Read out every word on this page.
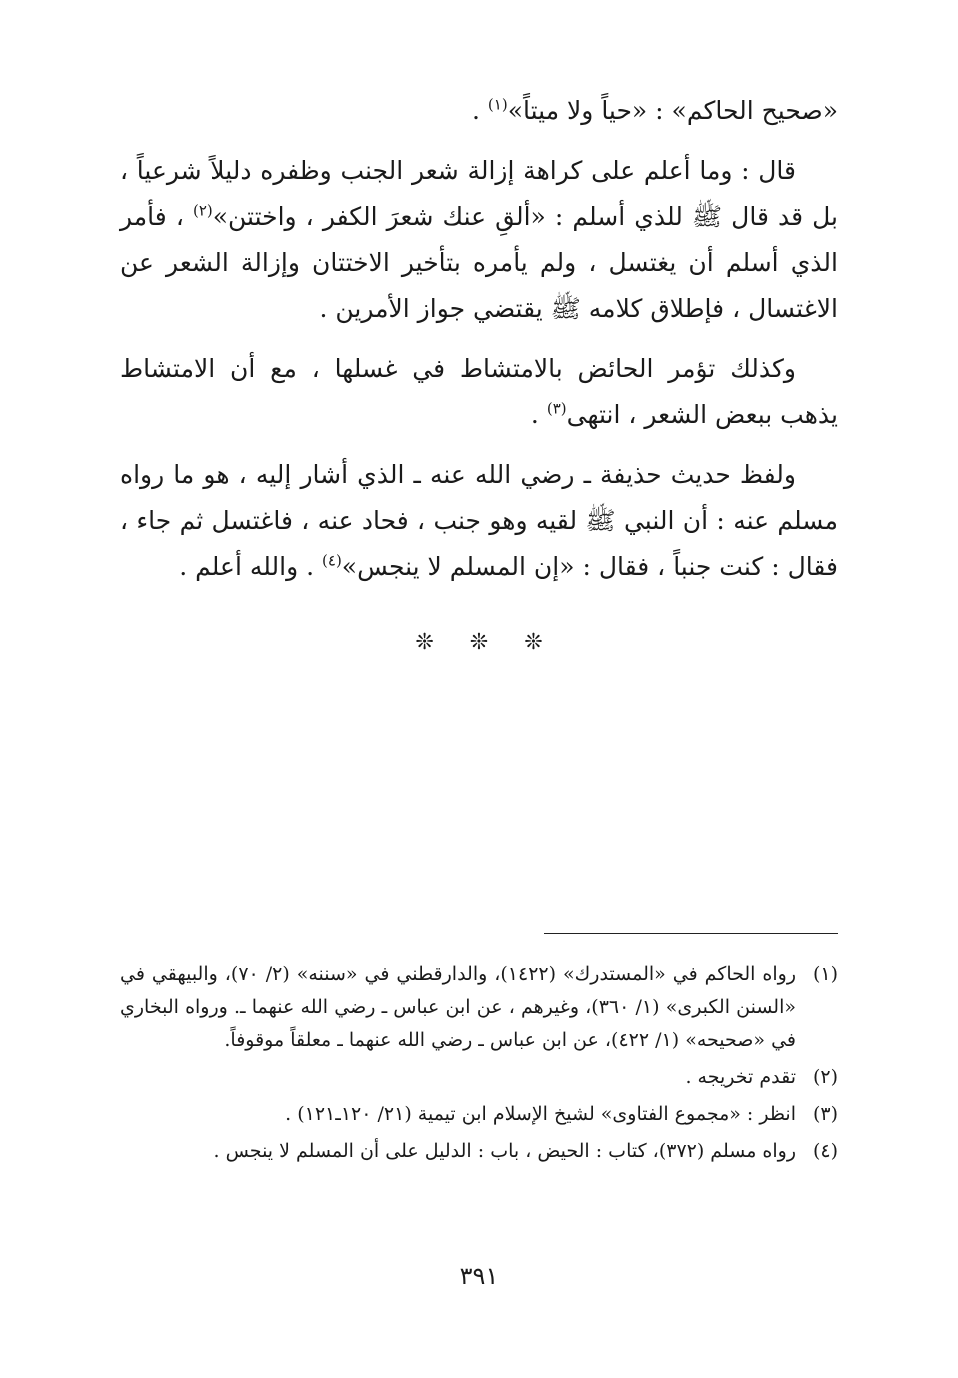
«صحيح الحاكم» : «حياً ولا ميتاً»$^{(١)}$ .

قال : وما أعلم على كراهة إزالة شعر الجنب وظفره دليلاً شرعياً ، بل قد قال ﷺ للذي أسلم : «ألقِ عنك شعرَ الكفر ، واختتن»$^{(٢)}$ ، فأمر الذي أسلم أن يغتسل ، ولم يأمره بتأخير الاختتان وإزالة الشعر عن الاغتسال ، فإطلاق كلامه ﷺ يقتضي جواز الأمرين .

وكذلك تؤمر الحائض بالامتشاط في غسلها ، مع أن الامتشاط يذهب ببعض الشعر ، انتهى$^{(٣)}$ .

ولفظ حديث حذيفة ـ رضي الله عنه ـ الذي أشار إليه ، هو ما رواه مسلم عنه : أن النبي ﷺ لقيه وهو جنب ، فحاد عنه ، فاغتسل ثم جاء ، فقال : كنت جنباً ، فقال : «إن المسلم لا ينجس»$^{(٤)}$ . والله أعلم .

❊ ❊ ❊
(١)
رواه الحاكم في «المستدرك» (١٤٢٢)، والدارقطني في «سننه» (٢/ ٧٠)، والبيهقي في «السنن الكبرى» (١/ ٣٦٠)، وغيرهم ، عن ابن عباس ـ رضي الله عنهما ـ. ورواه البخاري في «صحيحه» (١/ ٤٢٢)، عن ابن عباس ـ رضي الله عنهما ـ معلقاً موقوفاً.
(٢)
تقدم تخريجه .
(٣)
انظر : «مجموع الفتاوى» لشيخ الإسلام ابن تيمية (٢١/ ١٢٠ـ١٢١) .
(٤)
رواه مسلم (٣٧٢)، كتاب : الحيض ، باب : الدليل على أن المسلم لا ينجس .
٣٩١
